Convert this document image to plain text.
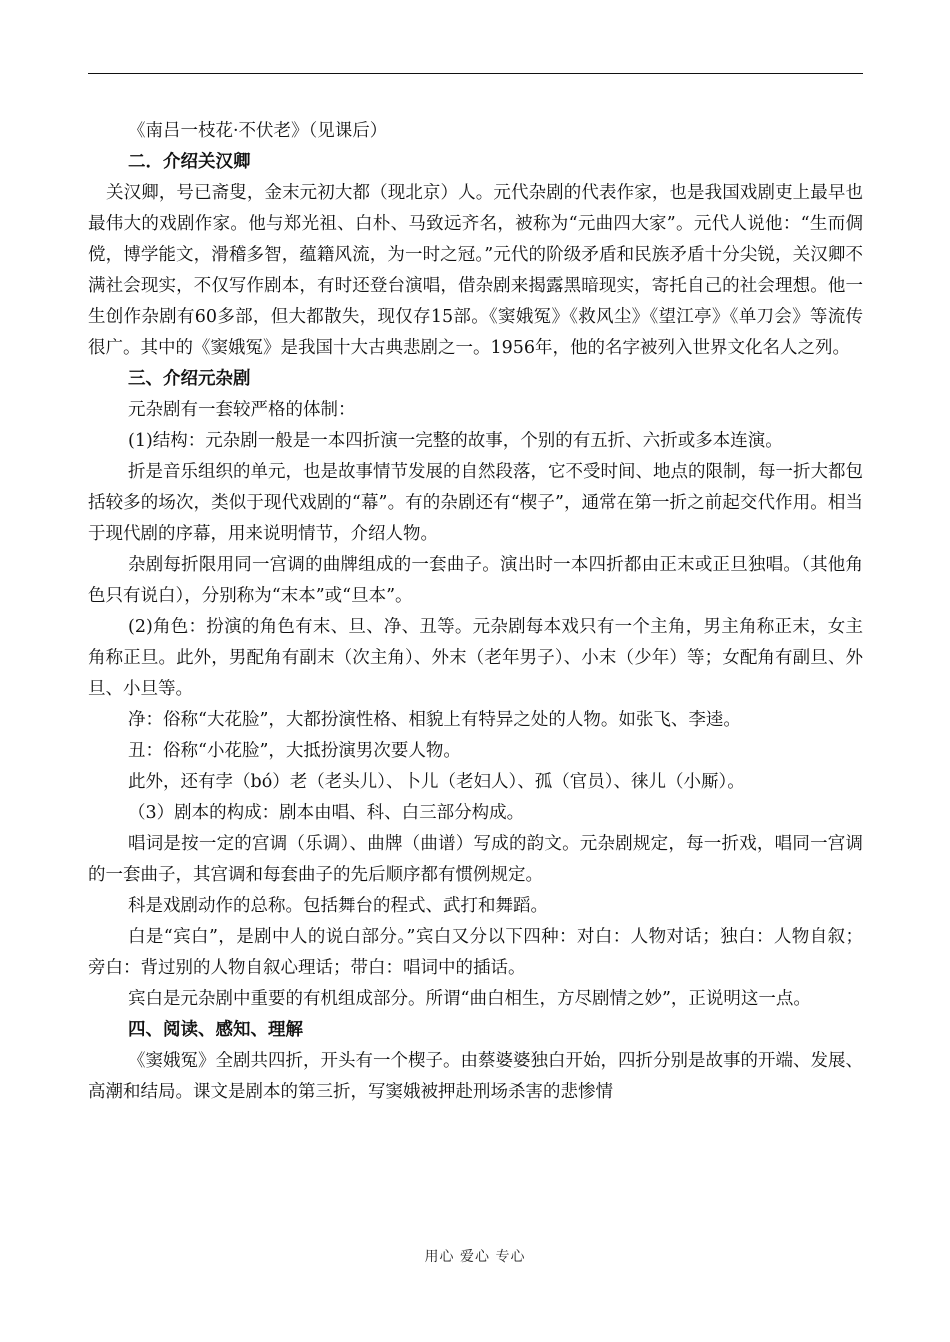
《南吕一枝花·不伏老》（见课后）

二．介绍关汉卿

关汉卿，号已斋叟，金末元初大都（现北京）人。元代杂剧的代表作家，也是我国戏剧吏上最早也最伟大的戏剧作家。他与郑光祖、白朴、马致远齐名，被称为“元曲四大家”。元代人说他：“生而倜傥，博学能文，滑稽多智，蕴籍风流，为一时之冠。”元代的阶级矛盾和民族矛盾十分尖锐，关汉卿不满社会现实，不仅写作剧本，有时还登台演唱，借杂剧来揭露黑暗现实，寄托自己的社会理想。他一生创作杂剧有60多部，但大都散失，现仅存15部。《窦娥冤》《救风尘》《望江亭》《单刀会》等流传很广。其中的《窦娥冤》是我国十大古典悲剧之一。1956年，他的名字被列入世界文化名人之列。

三、介绍元杂剧

元杂剧有一套较严格的体制：

(1)结构：元杂剧一般是一本四折演一完整的故事，个别的有五折、六折或多本连演。

折是音乐组织的单元，也是故事情节发展的自然段落，它不受时间、地点的限制，每一折大都包括较多的场次，类似于现代戏剧的“幕”。有的杂剧还有“楔子”，通常在第一折之前起交代作用。相当于现代剧的序幕，用来说明情节，介绍人物。

杂剧每折限用同一宫调的曲牌组成的一套曲子。演出时一本四折都由正末或正旦独唱。（其他角色只有说白），分别称为“末本”或“旦本”。

(2)角色：扮演的角色有末、旦、净、丑等。元杂剧每本戏只有一个主角，男主角称正末，女主角称正旦。此外，男配角有副末（次主角）、外末（老年男子）、小末（少年）等；女配角有副旦、外旦、小旦等。

净：俗称“大花脸”，大都扮演性格、相貌上有特异之处的人物。如张飞、李逵。

丑：俗称“小花脸”，大抵扮演男次要人物。

此外，还有孛（bó）老（老头儿）、卜儿（老妇人）、孤（官员）、徕儿（小厮）。

（3）剧本的构成：剧本由唱、科、白三部分构成。

唱词是按一定的宫调（乐调）、曲牌（曲谱）写成的韵文。元杂剧规定，每一折戏，唱同一宫调的一套曲子，其宫调和每套曲子的先后顺序都有惯例规定。

科是戏剧动作的总称。包括舞台的程式、武打和舞蹈。

白是“宾白”，是剧中人的说白部分。”宾白又分以下四种：对白：人物对话；独白：人物自叙；旁白：背过别的人物自叙心理话；带白：唱词中的插话。

宾白是元杂剧中重要的有机组成部分。所谓“曲白相生，方尽剧情之妙”，正说明这一点。

四、阅读、感知、理解

《窦娥冤》全剧共四折，开头有一个楔子。由蔡婆婆独白开始，四折分别是故事的开端、发展、高潮和结局。课文是剧本的第三折，写窦娥被押赴刑场杀害的悲惨情

用心 爱心 专心
